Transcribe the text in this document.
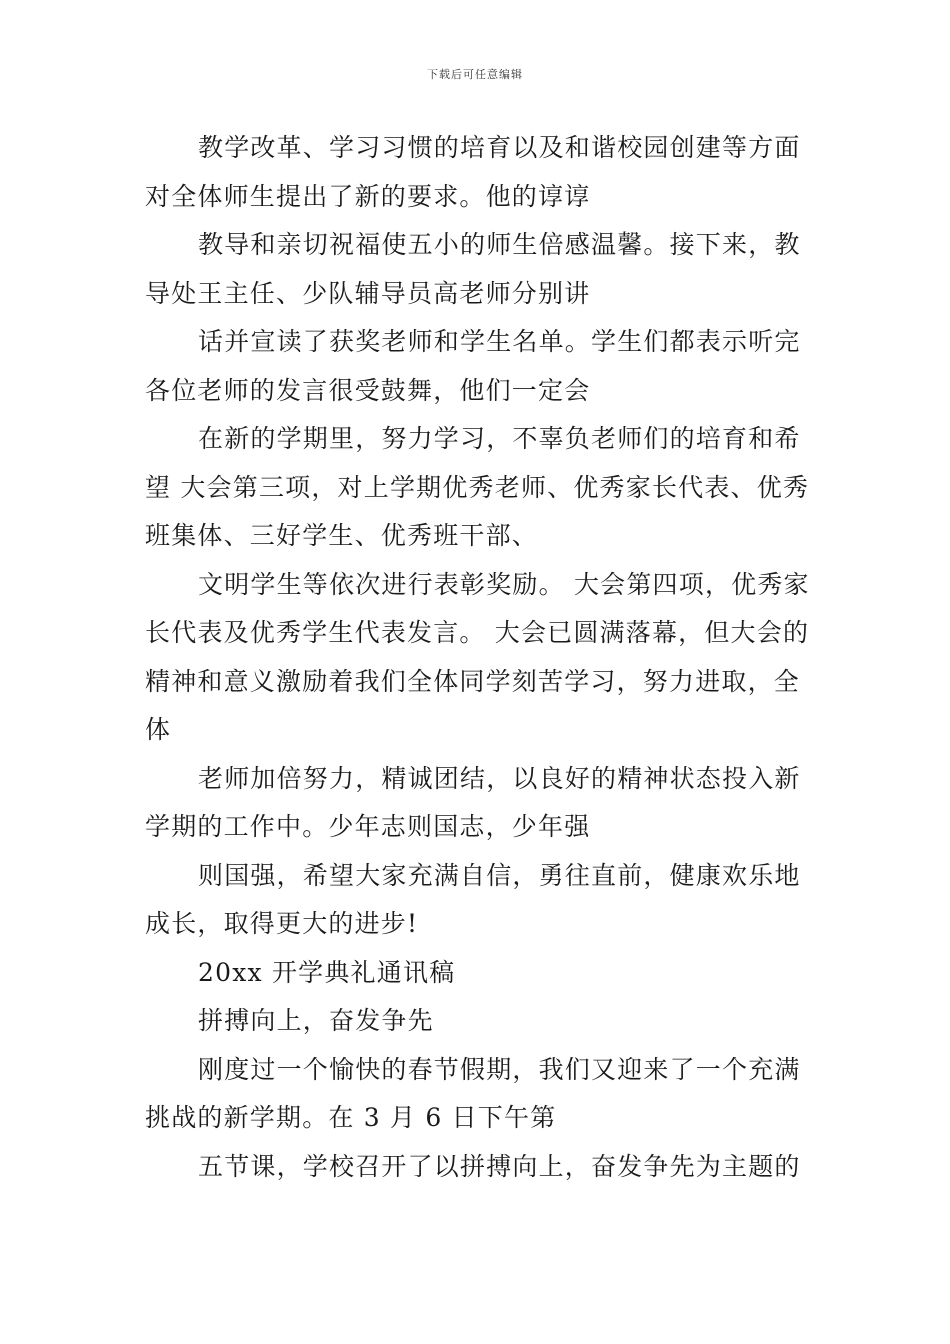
下载后可任意编辑
教学改革、学习习惯的培育以及和谐校园创建等方面
对全体师生提出了新的要求。他的谆谆
教导和亲切祝福使五小的师生倍感温馨。接下来，教
导处王主任、少队辅导员高老师分别讲
话并宣读了获奖老师和学生名单。学生们都表示听完
各位老师的发言很受鼓舞，他们一定会
在新的学期里，努力学习，不辜负老师们的培育和希
望 大会第三项，对上学期优秀老师、优秀家长代表、优秀
班集体、三好学生、优秀班干部、
文明学生等依次进行表彰奖励。 大会第四项，优秀家
长代表及优秀学生代表发言。 大会已圆满落幕，但大会的
精神和意义激励着我们全体同学刻苦学习，努力进取，全
体
老师加倍努力，精诚团结，以良好的精神状态投入新
学期的工作中。少年志则国志，少年强
则国强，希望大家充满自信，勇往直前，健康欢乐地
成长，取得更大的进步!
20xx 开学典礼通讯稿
拼搏向上，奋发争先
刚度过一个愉快的春节假期，我们又迎来了一个充满
挑战的新学期。在 3 月 6 日下午第
五节课，学校召开了以拼搏向上，奋发争先为主题的
